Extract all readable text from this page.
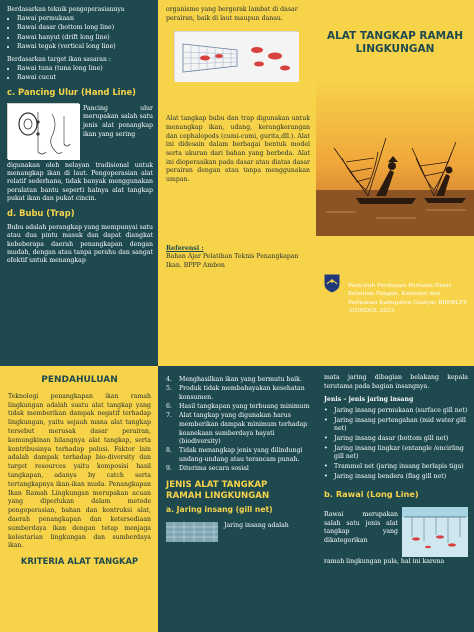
Berdasarkan teknik pengoperasiannya
• Rawai permukaan
• Rawai dasar (bottom long line)
• Rawai hanyut (drift long line)
• Rawai tegak (vertical long line)
Berdasarkan target ikan sasaran :
• Rawai tuna (tuna long line)
• Rawai cucut
c. Pancing Ulur (Hand Line)
Pancing ulur merupakan salah satu jenis alat penangkap ikan yang sering
digunakan oleh nelayan tradisional untuk menangkap ikan di laut. Pengoperasian alat relatif sederhana, tidak banyak menggunakan peralatan bantu seperti halnya alat tangkap pukat ikan dan pukat cincin.
d. Bubu (Trap)
Bubu adalah perangkap yang mempunyai satu atau dua pintu masuk dan dapat diangkat kebeberapa daerah penangkapan dengan mudah, dengan atau tanpa perahu dan sangat efektif untuk menangkap
organisme yang bergerak lambat di dasar perairan, baik di laut maupun danau.
Alat tangkap bubu dan trap digunakan untuk menangkap ikan, udang, kerangkerangan dan cephalopods (cumi-cumi, gurita,dll.). Alat ini didesain dalam berbagai bentuk model serta ukuran dari bahan yang berbeda. Alat ini dioperasikan pada dasar atau diatas dasar perairan dengan atau tanpa menggunakan umpan.
Referensi :
Bahan Ajar Pelatiban Teknis Penangkapan Ikan. BPPP Ambon
ALAT TANGKAP RAMAH
LINGKUNGAN
MURNIATI, S.Pi
Penyuluh Perikanan Pertama Dinas Kelautan Pangan, Kelautan dan Perikanan Kabupaten Gianyar BBRBLPP -GONDOL 2023
PENDAHULUAN
Teknologi penangkapan ikan ramah lingkungan adalah suatu alat tangkap yang tidak memberikan dampak negatif terhadap lingkungan, yaitu sejauh mana alat tangkap tersebut merusak dasar perairan, kemungkinan hilangnya alat tangkap, serta kontribusinya terhadap polusi. Faktor lain adalah dampak terhadap bio-diversity dan target resources yaitu komposisi hasil tangkapan, adanya by catch serta tertangkapnya ikan-ikan muda. Penangkapan Ikan Ramah Lingkungan merupakan acuan yang diperlukan dalam metode pengoperasian, bahan dan kontruksi alat, daerah penangkapan dan ketersediaan sumberdaya ikan dengan tetap menjaga kelestarian lingkungan dan sumberdaya ikan.
KRITERIA ALAT TANGKAP
4.	Menghasilkan ikan yang bermutu baik.
5.	Produk tidak membahayakan kesehatan konsumen.
6.	Hasil tangkapan yang terbuang minimum
7.	Alat tangkap yang digunakan harus memberikan dampak minimum terhadap keanekaan sumberdaya hayati (biodiversity)
8.	Tidak menangkap jenis yang dilindungi undang-undang atau terancam punah.
9.	Diterima secara sosial
JENIS ALAT TANGKAP
RAMAH LINGKUNGAN
a. Jaring insang (gill net)
Jaring insang adalah
mata jaring dibagian belakang kepala terutama pada bagian insangnya.
Jenis – jenis jaring insang
•	Jaring insang permukaan (surface gill net)
•	Jaring insang pertengahan (mid water gill net)
•	Jaring insang dasar (bottom gill net)
•	Jaring insang lingkar (entangle /encirling gill net)
•	Trammel net (jaring insang berlapis tiga)
•	Jaring insang bendera (flag gill net)
b. Rawai (Long Line)
Rawai merupakan salah satu jenis alat tangkap yang dikategorikan
ramah lingkungan pula, hal ini karena
